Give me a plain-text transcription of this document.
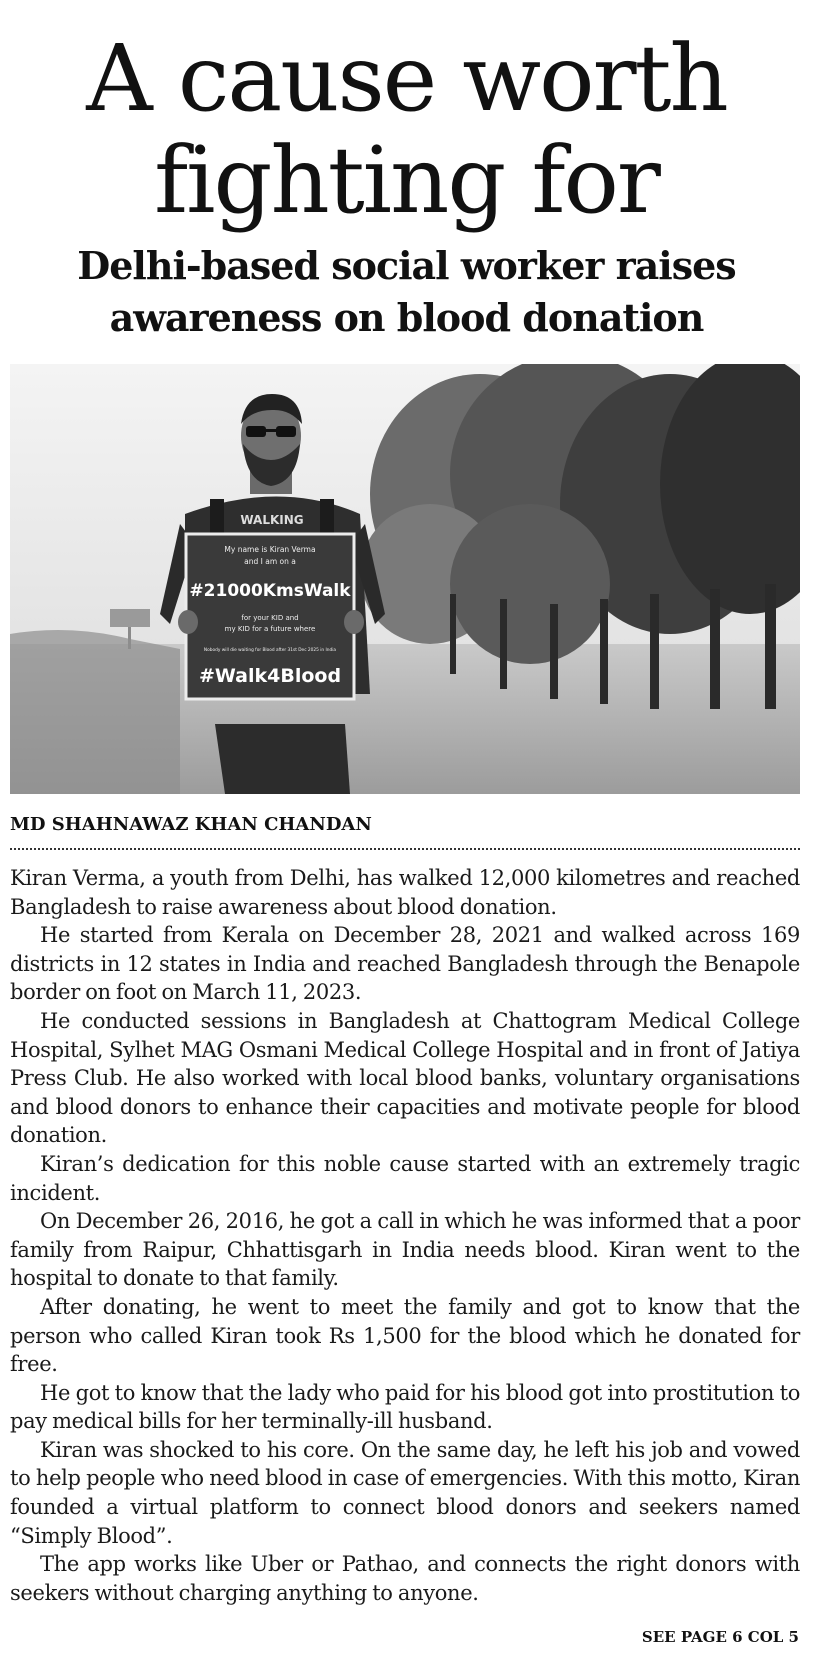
A cause worth
fighting for
Delhi-based social worker raises
awareness on blood donation
WALKING
My name is Kiran Verma
and I am on a
#21000KmsWalk
for your KID and
my KID for a future where
Nobody will die waiting for Blood after 31st Dec 2025 in India
#Walk4Blood

MD SHAHNAWAZ KHAN CHANDAN

Kiran Verma, a youth from Delhi, has walked 12,000 kilometres and reached Bangladesh to raise awareness about blood donation.

He started from Kerala on December 28, 2021 and walked across 169 districts in 12 states in India and reached Bangladesh through the Benapole border on foot on March 11, 2023.

He conducted sessions in Bangladesh at Chattogram Medical College Hospital, Sylhet MAG Osmani Medical College Hospital and in front of Jatiya Press Club. He also worked with local blood banks, voluntary organisations and blood donors to enhance their capacities and motivate people for blood donation.

Kiran’s dedication for this noble cause started with an extremely tragic incident.

On December 26, 2016, he got a call in which he was informed that a poor family from Raipur, Chhattisgarh in India needs blood. Kiran went to the hospital to donate to that family.

After donating, he went to meet the family and got to know that the person who called Kiran took Rs 1,500 for the blood which he donated for free.

He got to know that the lady who paid for his blood got into prostitution to pay medical bills for her terminally-ill husband.

Kiran was shocked to his core. On the same day, he left his job and vowed to help people who need blood in case of emergencies. With this motto, Kiran founded a virtual platform to connect blood donors and seekers named “Simply Blood”.

The app works like Uber or Pathao, and connects the right donors with seekers without charging anything to anyone.

SEE PAGE 6 COL 5
